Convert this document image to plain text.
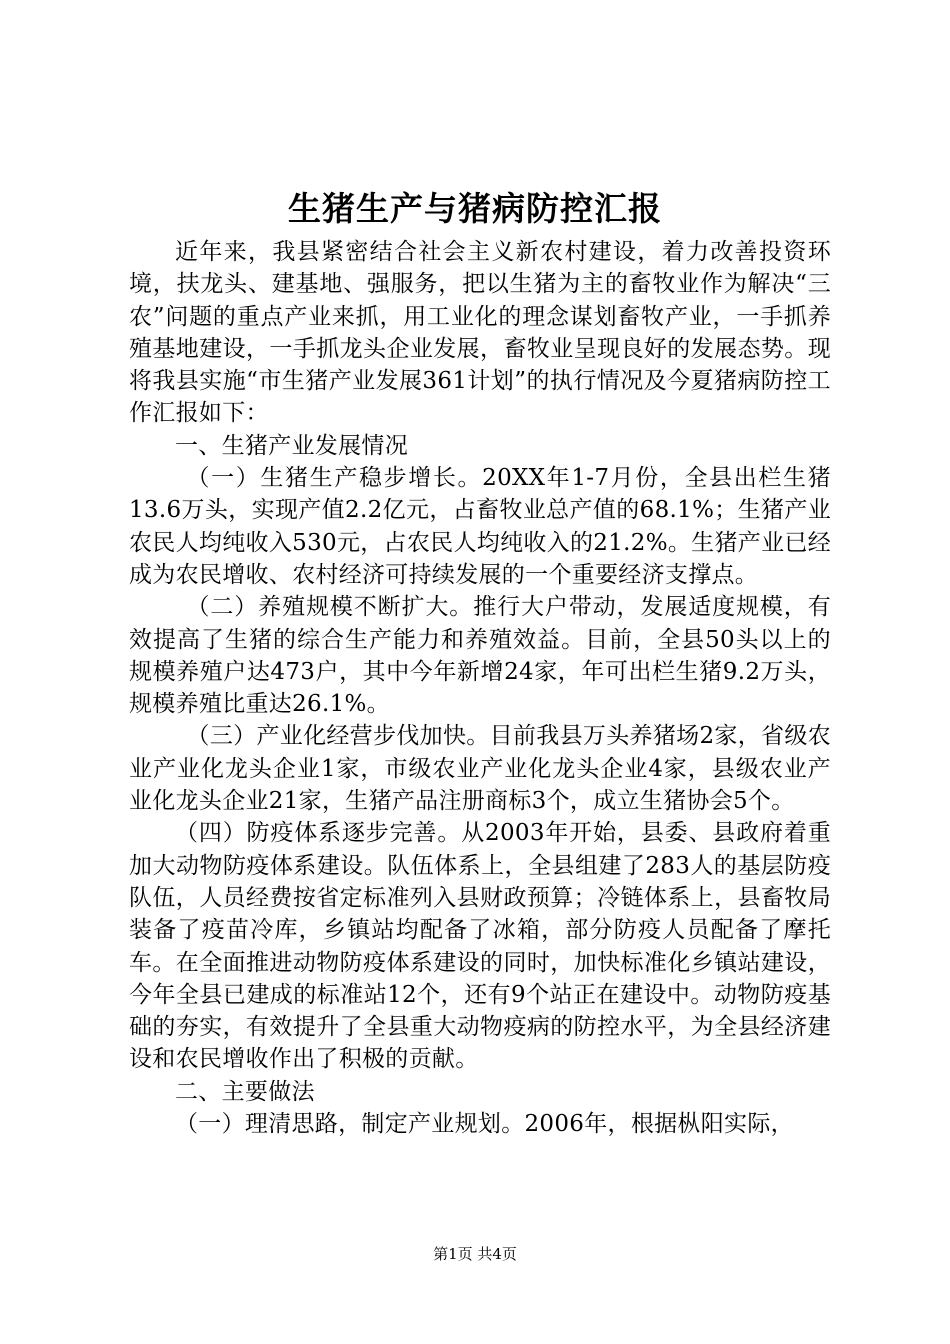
生猪生产与猪病防控汇报

近年来，我县紧密结合社会主义新农村建设，着力改善投资环境，扶龙头、建基地、强服务，把以生猪为主的畜牧业作为解决“三农”问题的重点产业来抓，用工业化的理念谋划畜牧产业，一手抓养殖基地建设，一手抓龙头企业发展，畜牧业呈现良好的发展态势。现将我县实施“市生猪产业发展361计划”的执行情况及今夏猪病防控工作汇报如下：

一、生猪产业发展情况

（一）生猪生产稳步增长。20XX年1-7月份，全县出栏生猪13.6万头，实现产值2.2亿元，占畜牧业总产值的68.1%；生猪产业农民人均纯收入530元，占农民人均纯收入的21.2%。生猪产业已经成为农民增收、农村经济可持续发展的一个重要经济支撑点。

（二）养殖规模不断扩大。推行大户带动，发展适度规模，有效提高了生猪的综合生产能力和养殖效益。目前，全县50头以上的规模养殖户达473户，其中今年新增24家，年可出栏生猪9.2万头，规模养殖比重达26.1%。

（三）产业化经营步伐加快。目前我县万头养猪场2家，省级农业产业化龙头企业1家，市级农业产业化龙头企业4家，县级农业产业化龙头企业21家，生猪产品注册商标3个，成立生猪协会5个。

（四）防疫体系逐步完善。从2003年开始，县委、县政府着重加大动物防疫体系建设。队伍体系上，全县组建了283人的基层防疫队伍，人员经费按省定标准列入县财政预算；冷链体系上，县畜牧局装备了疫苗冷库，乡镇站均配备了冰箱，部分防疫人员配备了摩托车。在全面推进动物防疫体系建设的同时，加快标准化乡镇站建设，今年全县已建成的标准站12个，还有9个站正在建设中。动物防疫基础的夯实，有效提升了全县重大动物疫病的防控水平，为全县经济建设和农民增收作出了积极的贡献。

二、主要做法

（一）理清思路，制定产业规划。2006年，根据枞阳实际，

第1页 共4页
